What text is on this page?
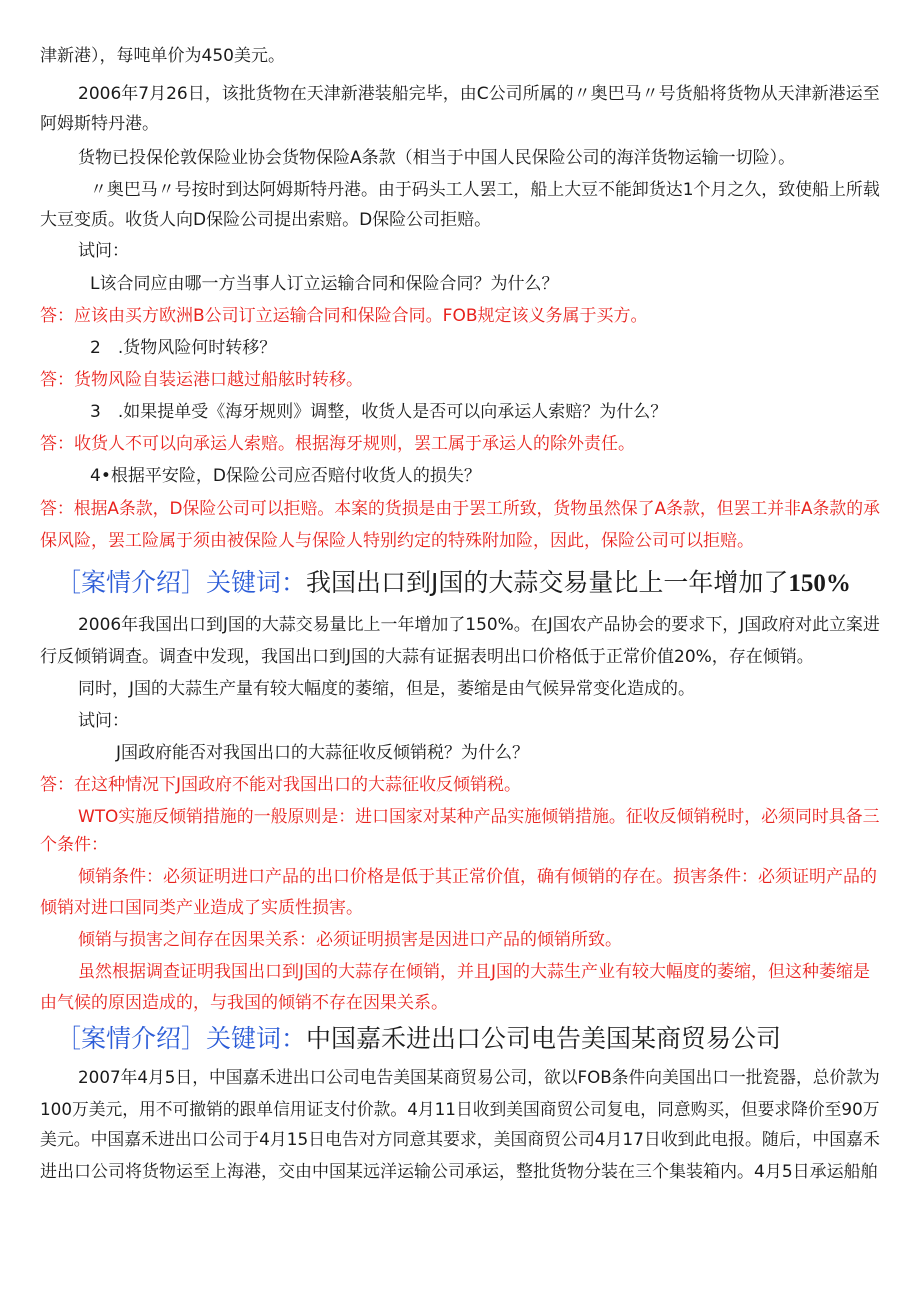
津新港），每吨单价为450美元。
2006年7月26日，该批货物在天津新港装船完毕，由C公司所属的〃奥巴马〃号货船将货物从天津新港运至
阿姆斯特丹港。
货物已投保伦敦保险业协会货物保险A条款（相当于中国人民保险公司的海洋货物运输一切险）。
〃奥巴马〃号按时到达阿姆斯特丹港。由于码头工人罢工，船上大豆不能卸货达1个月之久，致使船上所载
大豆变质。收货人向D保险公司提出索赔。D保险公司拒赔。
试问：
L该合同应由哪一方当事人订立运输合同和保险合同？为什么？
答：应该由买方欧洲B公司订立运输合同和保险合同。FOB规定该义务属于买方。
2　.货物风险何时转移？
答：货物风险自装运港口越过船舷时转移。
3　.如果提单受《海牙规则》调整，收货人是否可以向承运人索赔？为什么？
答：收货人不可以向承运人索赔。根据海牙规则，罢工属于承运人的除外责任。
4•根据平安险，D保险公司应否赔付收货人的损失？
答：根据A条款，D保险公司可以拒赔。本案的货损是由于罢工所致，货物虽然保了A条款，但罢工并非A条款的承
保风险，罢工险属于须由被保险人与保险人特别约定的特殊附加险，因此，保险公司可以拒赔。
［案情介绍］关键词：我国出口到J国的大蒜交易量比上一年增加了150%
2006年我国出口到J国的大蒜交易量比上一年增加了150%。在J国农产品协会的要求下，J国政府对此立案进
行反倾销调查。调查中发现，我国出口到J国的大蒜有证据表明出口价格低于正常价值20%，存在倾销。
同时，J国的大蒜生产量有较大幅度的萎缩，但是，萎缩是由气候异常变化造成的。
试问：
J国政府能否对我国出口的大蒜征收反倾销税？为什么？
答：在这种情况下J国政府不能对我国出口的大蒜征收反倾销税。
WTO实施反倾销措施的一般原则是：进口国家对某种产品实施倾销措施。征收反倾销税时，必须同时具备三
个条件：
倾销条件：必须证明进口产品的出口价格是低于其正常价值，确有倾销的存在。损害条件：必须证明产品的
倾销对进口国同类产业造成了实质性损害。
倾销与损害之间存在因果关系：必须证明损害是因进口产品的倾销所致。
虽然根据调查证明我国出口到J国的大蒜存在倾销，并且J国的大蒜生产业有较大幅度的萎缩，但这种萎缩是
由气候的原因造成的，与我国的倾销不存在因果关系。
［案情介绍］关键词：中国嘉禾进出口公司电告美国某商贸易公司
2007年4月5日，中国嘉禾进出口公司电告美国某商贸易公司，欲以FOB条件向美国出口一批瓷器，总价款为
100万美元，用不可撤销的跟单信用证支付价款。4月11日收到美国商贸公司复电，同意购买，但要求降价至90万
美元。中国嘉禾进出口公司于4月15日电告对方同意其要求，美国商贸公司4月17日收到此电报。随后，中国嘉禾
进出口公司将货物运至上海港，交由中国某远洋运输公司承运，整批货物分装在三个集装箱内。4月5日承运船舶
